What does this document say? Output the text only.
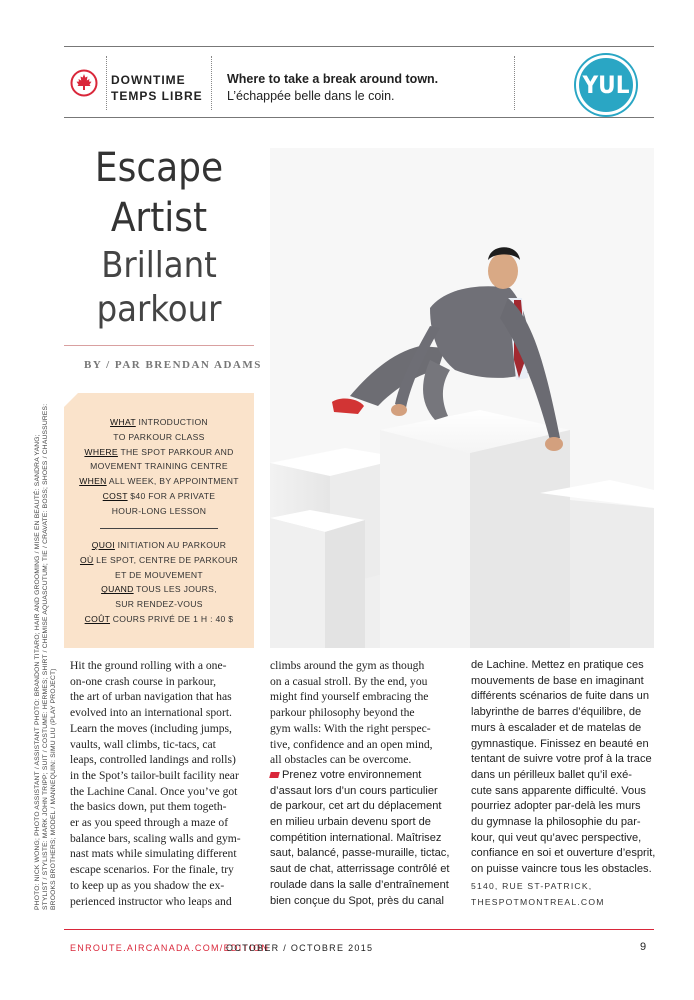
DOWNTIME
TEMPS LIBRE
Where to take a break around town.
L’échappée belle dans le coin.	YUL
Escape
Artist
Brillant
parkour
BY / PAR BRENDAN ADAMS
WHAT INTRODUCTION
TO PARKOUR CLASS
WHERE THE SPOT PARKOUR AND
MOVEMENT TRAINING CENTRE
WHEN ALL WEEK, BY APPOINTMENT
COST $40 FOR A PRIVATE
HOUR-LONG LESSON
QUOI INITIATION AU PARKOUR
OÙ LE SPOT, CENTRE DE PARKOUR
ET DE MOUVEMENT
QUAND TOUS LES JOURS,
SUR RENDEZ-VOUS
COÛT COURS PRIVÉ DE 1 H : 40 $
PHOTO: NICK WONG; PHOTO ASSISTANT / ASSISTANT PHOTO: BRANDON TITARO; HAIR AND GROOMING / MISE EN BEAUTÉ: SANDRA YANG; STYLIST / STYLISTE: MARK JOHN TRIPP; SUIT / COSTUME: HERMES; SHIRT / CHEMISE AQUASCUTUM; TIE / CRAVATE: BOSS; SHOES / CHAUSSURES: BROOKS BROTHERS; MODEL / MANNEQUIN: SIMU LIU (PLAY PROJECT)
Hit the ground rolling with a one-
on-one crash course in parkour,
the art of urban navigation that has
evolved into an international sport.
Learn the moves (including jumps,
vaults, wall climbs, tic-tacs, cat
leaps, controlled landings and rolls)
in the Spot’s tailor-built facility near
the Lachine Canal. Once you’ve got
the basics down, put them togeth-
er as you speed through a maze of
balance bars, scaling walls and gym-
nast mats while simulating different
escape scenarios. For the finale, try
to keep up as you shadow the ex-
perienced instructor who leaps and
climbs around the gym as though
on a casual stroll. By the end, you
might find yourself embracing the
parkour philosophy beyond the
gym walls: With the right perspec-
tive, confidence and an open mind,
all obstacles can be overcome.
Prenez votre environnement
d’assaut lors d’un cours particulier
de parkour, cet art du déplacement
en milieu urbain devenu sport de
compétition international. Maîtrisez
saut, balancé, passe-muraille, tictac,
saut de chat, atterrissage contrôlé et
roulade dans la salle d’entraînement
bien conçue du Spot, près du canal
de Lachine. Mettez en pratique ces
mouvements de base en imaginant
différents scénarios de fuite dans un
labyrinthe de barres d’équilibre, de
murs à escalader et de matelas de
gymnastique. Finissez en beauté en
tentant de suivre votre prof à la trace
dans un périlleux ballet qu’il exé-
cute sans apparente difficulté. Vous
pourriez adopter par-delà les murs
du gymnase la philosophie du par-
kour, qui veut qu’avec perspective,
confiance en soi et ouverture d’esprit,
on puisse vaincre tous les obstacles.
5140, RUE ST-PATRICK,
THESPOTMONTREAL.COM
ENROUTE.AIRCANADA.COM/EDITION
OCTOBER / OCTOBRE 2015	9
